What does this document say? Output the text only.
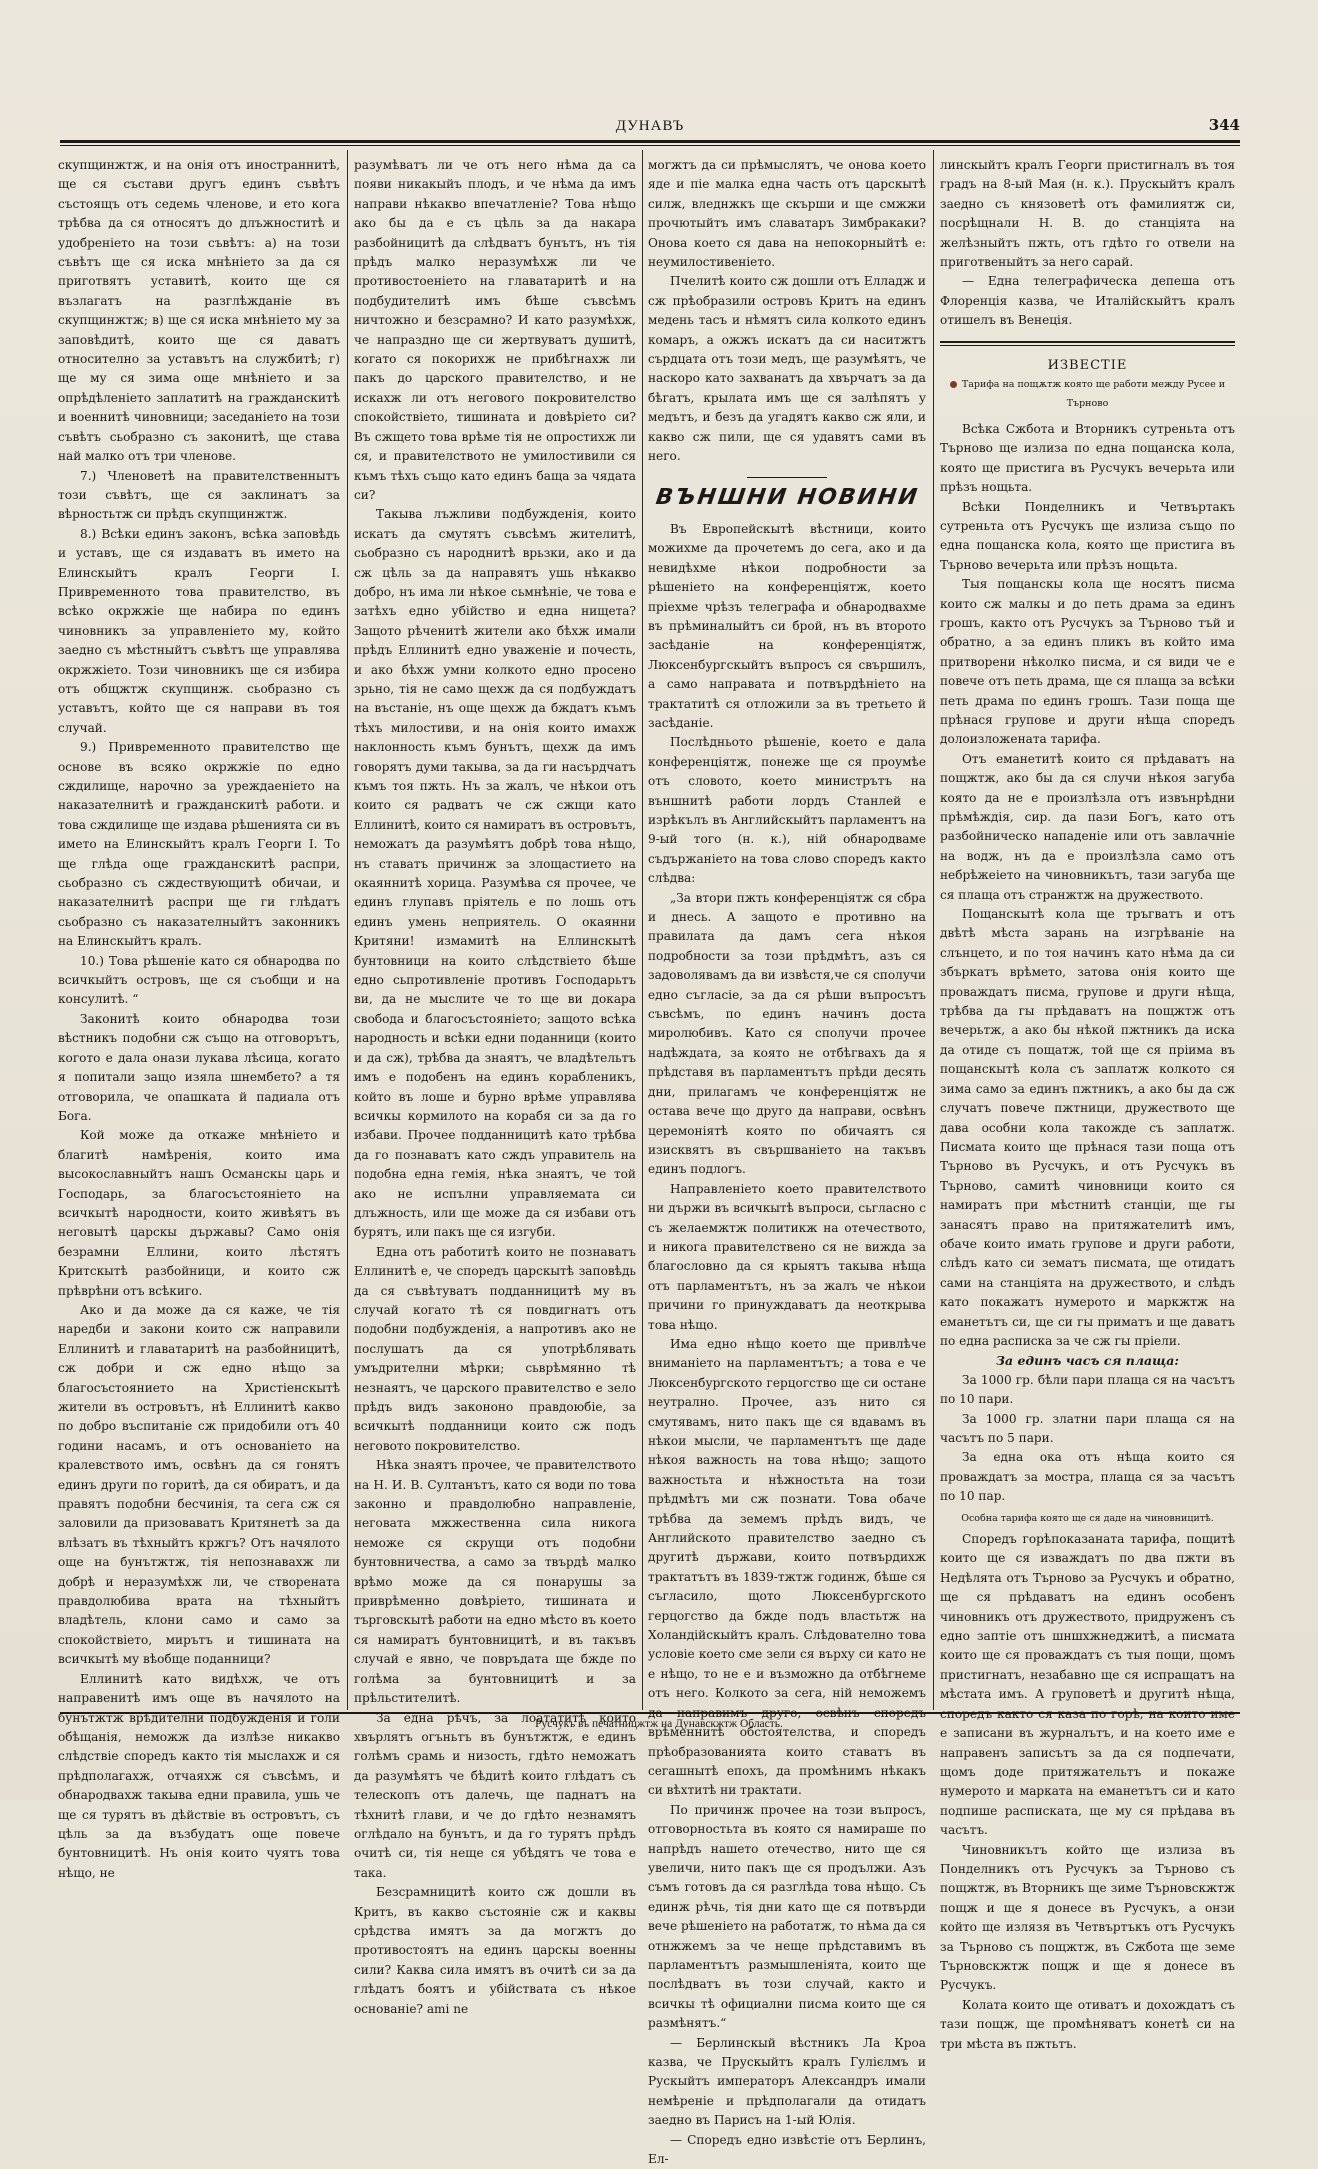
ДУНАВЪ	344

скупщинжтж, и на онія отъ иностраннитѣ, ще ся състави другъ единъ съвѣтъ състоящъ отъ седемь членове, и ето кога трѣбва да ся относятъ до длъжноститѣ и удобреніето на този съвѣтъ: а) на този съвѣтъ ще ся иска мнѣніето за да ся приготвятъ уставитѣ, които ще ся възлагатъ на разглѣжданіе въ скупщинжтж; в) ще ся иска мнѣніето му за заповѣдитѣ, които ще ся даватъ относително за уставътъ на службитѣ; г) ще му ся зима още мнѣніето и за опрѣдѣленіето заплатитѣ на гражданскитѣ и военнитѣ чиновници; заседаніето на този съвѣтъ сьобразно съ законитѣ, ще става най малко отъ три членове.

7.) Членоветѣ на правителственнытъ този съвѣтъ, ще ся заклинатъ за вѣрностьтж си прѣдъ скупщинжтж.

8.) Всѣки единъ законъ, всѣка заповѣдь и уставъ, ще ся издаватъ въ името на Елинскыйтъ кралъ Георги I. Привременното това правителство, въ всѣко окржжіе ще набира по единъ чиновникъ за управленіето му, който заедно съ мѣстныйтъ съвѣтъ ще управлява окржжіето. Този чиновникъ ще ся избира отъ общжтж скупщинж. сьобразно съ уставътъ, който ще ся направи въ тоя случай.

9.) Привременното правителство ще основе въ всяко окржжіе по едно сждилище, нарочно за уреждаеніето на наказателнитѣ и гражданскитѣ работи. и това сждилище ще издава рѣшенията си въ името на Елинскыйтъ кралъ Георги I. То ще глѣда още гражданскитѣ распри, сьобразно съ сждествующитѣ обичаи, и наказателнитѣ распри ще ги глѣдатъ сьобразно съ наказателныйтъ законникъ на Елинскыйтъ кралъ.

10.) Това рѣшеніе като ся обнародва по всичкыйтъ островъ, ще ся съобщи и на консулитѣ. “

Законитѣ които обнародва този вѣстникъ подобни сж също на отговорътъ, когото е дала онази лукава лѣсица, когато я попитали защо изяла шнембето? а тя отговорила, че опашката й падиала отъ Бога.

Кой може да откаже мнѣніето и благитѣ намѣренія, които има высокославныйтъ нашъ Османскы царь и Господарь, за благосъстояніето на всичкытѣ народности, които живѣятъ въ неговытѣ царскы държавы? Само онія безрамни Еллини, които лѣстятъ Критскытѣ разбойници, и които сж прѣврѣни отъ всѣкиго.

Ако и да може да ся каже, че тія наредби и закони които сж направили Еллинитѣ и главатаритѣ на разбойницитѣ, сж добри и сж едно нѣщо за благосъстоянието на Христіенскытѣ жители въ островътъ, нѣ Еллинитѣ какво по добро въспитаніе сж придобили отъ 40 години насамъ, и отъ основаніето на кралевството имъ, освѣнъ да ся гонятъ единъ други по горитѣ, да ся обиратъ, и да правятъ подобни бесчинія, та сега сж ся заловили да призоваватъ Критянетѣ за да влѣзатъ въ тѣхныйтъ кржгъ? Отъ начялото още на бунътжтж, тія непознавахж ли добрѣ и неразумѣхж ли, че створената правдолюбива врата на тѣхныйтъ владѣтель, клони само и само за спокойствіето, мирътъ и тишината на всичкытѣ му вѣобще поданници?

Еллинитѣ като видѣхж, че отъ направенитѣ имъ още въ начялото на бунътжтж врѣдителни подбужденія и голи обѣщанія, неможж да излѣзе никакво слѣдствіе споредъ както тія мыслахж и ся прѣдполагахж, отчаяхж ся съвсѣмъ, и обнародвахж такыва едни правила, ушь че ще ся турятъ въ дѣйствіе въ островътъ, съ цѣль за да възбудатъ още повече бунтовницитѣ. Нъ онія които чуятъ това нѣщо, не

разумѣватъ ли че отъ него нѣма да са появи никакыйъ плодъ, и че нѣма да имъ направи нѣкакво впечатленіе? Това нѣщо ако бы да е съ цѣль за да накара разбойницитѣ да слѣдватъ бунътъ, нъ тія прѣдъ малко неразумѣхж ли че противостоеніето на главатаритѣ и на подбудителитѣ имъ бѣше съвсѣмъ ничтожно и безсрамно? И като разумѣхж, че напраздно ще си жертвуватъ душитѣ, когато ся покорихж не прибѣгнахж ли пакъ до царского правителство, и не искахж ли отъ негового покровителство спокойствіето, тишината и довѣріето си? Въ сжщето това врѣме тія не опростихж ли ся, и правителството не умилостивили ся къмъ тѣхъ също като единъ баща за чядата си?

Такыва лъжливи подбужденія, които искатъ да смутятъ съвсѣмъ жителитѣ, сьобразно съ народнитѣ врьзки, ако и да сж цѣль за да направятъ ушь нѣкакво добро, нъ има ли нѣкое сьмнѣніе, че това е затѣхъ едно убійство и една нищета? Защото рѣченитѣ жители ако бѣхж имали прѣдъ Еллинитѣ едно уваженіе и почесть, и ако бѣхж умни колкото едно просено зрьно, тія не само щехж да ся подбуждатъ на въстаніе, нъ още щехж да бждатъ къмъ тѣхъ милостиви, и на онія които имахж наклонность къмъ бунътъ, щехж да имъ говорятъ думи такыва, за да ги насърдчатъ къмъ тоя пжть. Нъ за жалъ, че нѣкои отъ които ся радватъ че сж сжщи като Еллинитѣ, които ся намиратъ въ островътъ, неможатъ да разумѣятъ добрѣ това нѣщо, нъ ставатъ причинж за злощастието на окаяннитѣ хорица. Разумѣва ся прочее, че единъ глупавъ пріятель е по лошь отъ единъ умень неприятель. О окаянни Критяни! измамитѣ на Еллинскытѣ бунтовници на които слѣдствіето бѣше едно сьпротивленіе противъ Господарьтъ ви, да не мыслите че то ще ви докара свобода и благосъстояніето; защото всѣка народность и всѣки едни поданници (които и да сж), трѣбва да знаятъ, че владѣтельтъ имъ е подобенъ на единъ корабленикъ, който въ лоше и бурно врѣме управлява всичкы кормилото на корабя си за да го избави. Прочее подданницитѣ като трѣбва да го познаватъ като сждъ управитель на подобна една гемія, нѣка знаятъ, че той ако не испълни управляемата си длъжность, или ще може да ся избави отъ бурятъ, или пакъ ще ся изгуби.

Една отъ работитѣ които не познаватъ Еллинитѣ е, че споредъ царскытѣ заповѣдь да ся съвѣтуватъ подданницитѣ му въ случай когато тѣ ся повдигнатъ отъ подобни подбужденія, а напротивъ ако не послушатъ да ся употрѣблявать умъдрителни мѣрки; сьврѣмянно тѣ незнаятъ, че царского правителство е зело прѣдъ видъ закононо правдоюбіе, за всичкытѣ подданници които сж подъ неговото покровителство.

Нѣка знаятъ прочее, че правителството на Н. И. В. Султанътъ, като ся води по това законно и правдолюбно направленіе, неговата мжжественна сила никога неможе ся скрущи отъ подобни бунтовничества, а само за твърдѣ малко врѣмо може да ся понарушы за приврѣменно довѣріето, тишината и търговскытѣ работи на едно мѣсто въ което ся намиратъ бунтовницитѣ, и въ такъвъ случай е явно, че повръдата ще бжде по голѣма за бунтовницитѣ и за прѣльстителитѣ.

За една рѣчъ, за лоататитѣ които хвърлятъ огъньтъ въ бунътжтж, е единъ голѣмъ срамь и низость, гдѣто неможатъ да разумѣятъ че бѣдитѣ които глѣдатъ съ телескопъ отъ далечь, ще паднатъ на тѣхнитѣ глави, и че до гдѣто незнамятъ оглѣдало на бунътъ, и да го турятъ прѣдъ очитѣ си, тія неще ся убѣдятъ че това е така.

Безсрамницитѣ които сж дошли въ Критъ, въ какво състояніе сж и каквы срѣдства имятъ за да могжтъ до противостоятъ на единъ царскы военны сили? Каква сила имятъ въ очитѣ си за да глѣдатъ боятъ и убійствата съ нѣкое основаніе? ami ne

могжтъ да си прѣмыслятъ, че онова което яде и піе малка една часть отъ царскытѣ силж, вледнжкъ ще скърши и ще смжжи прочютыйтъ имъ славатаръ Зимбракаки? Онова което ся дава на непокорныйтѣ е: неумилостивеніето.

Пчелитѣ които сж дошли отъ Елладж и сж прѣобразили островъ Критъ на единъ медень тасъ и нѣмятъ сила колкото единъ комаръ, а ожжъ искатъ да си наситжтъ сърдцата отъ този медъ, ще разумѣятъ, че наскоро като захванатъ да хвърчатъ за да бѣгатъ, крылата имъ ще ся залѣпятъ у медътъ, и безъ да угадятъ какво сж яли, и какво сж пили, ще ся удавятъ сами въ него.

ВЪНШНИ НОВИНИ

Въ Европейскытѣ вѣстници, които можихме да прочетемъ до сега, ако и да невидѣхме нѣкои подробности за рѣшеніето на конференціятж, което пріехме чрѣзъ телеграфа и обнародвахме въ прѣминалыйтъ си брой, нъ въ второто засѣданіе на конференціятж, Люксенбургскыйтъ въпросъ ся свършилъ, а само направата и потвърдѣніето на трактатитѣ ся отложили за въ третьето й засѣданіе.

Послѣдньото рѣшеніе, което е дала конференціятж, понеже ще ся проумѣе отъ словото, което министрътъ на външнитѣ работи лордъ Станлей е изрѣкълъ въ Английскыйтъ парламентъ на 9-ый того (н. к.), ній обнародваме съдържаніето на това слово споредъ както слѣдва:

„За втори пжть конференціятж ся сбра и днесь. А защото е противно на правилата да дамъ сега нѣкоя подробности за този прѣдмѣтъ, азъ ся задоволявамъ да ви извѣстя,че ся сполучи едно съгласіе, за да ся рѣши въпросътъ съвсѣмъ, по единъ начинъ доста миролюбивъ. Като ся сполучи прочее надѣждата, за която не отбѣгвахъ да я прѣдставя въ парламентътъ прѣди десять дни, прилагамъ че конференціятж не остава вече що друго да направи, освѣнъ церемоніятѣ която по обичаятъ ся изисквятъ въ свършваніето на такъвъ единъ подлогъ.

Направленіето което правителството ни държи въ всичкытѣ въпроси, сьгласно с съ желаемжтж политикж на отечеството, и никога правителствено ся не вижда за благословно да ся крыятъ такыва нѣща отъ парламентътъ, нъ за жалъ че нѣкои причини го принуждаватъ да неоткрыва това нѣщо.

Има едно нѣщо което ще привлѣче вниманіето на парламентътъ; а това е че Люксенбургското герцогство ще си остане неутрално. Прочее, азъ нито ся смутявамъ, нито пакъ ще ся вдавамъ въ нѣкои мысли, че парламентътъ ще даде нѣкоя важность на това нѣщо; защото важностьта и нѣжностьта на този прѣдмѣтъ ми сж познати. Това обаче трѣбва да земемъ прѣдъ видъ, че Английското правителство заедно съ другитѣ държави, които потвърдихж трактатътъ въ 1839-тжтж годинж, бѣше ся съгласило, щото Люксенбургското герцогство да бжде подъ властьтж на Холандійскыйтъ кралъ. Слѣдователно това условіе което сме зели ся върху си като не е нѣщо, то не е и възможно да отбѣгнеме отъ него. Колкото за сега, ній неможемъ да направимъ друго, освѣнъ споредъ врѣменнитѣ обстоятелства, и споредъ прѣобразованията които ставатъ въ сегашнытѣ епохъ, да промѣнимъ нѣкакъ си вѣхтитѣ ни трактати.

По причинж прочее на този въпросъ, отговорностьта въ която ся намираше по напрѣдъ нашето отечество, нито ще ся увеличи, нито пакъ ще ся продължи. Азъ съмъ готовъ да ся разглѣда това нѣщо. Съ единж рѣчь, тія дни като ще ся потвърди вече рѣшеніето на работатж, то нѣма да ся отнжжемъ за че неще прѣдставимъ въ парламентътъ размышленіята, които ще послѣдватъ въ този случай, както и всичкы тѣ официални писма които ще ся размѣнятъ.“

— Берлинскый вѣстникъ Ла Кроа казва, че Прускыйтъ кралъ Гулієлмъ и Рускыйтъ императоръ Александръ имали немѣреніе и прѣдполагали да отидатъ заедно въ Парисъ на 1-ый Юлія.

— Споредъ едно извѣстіе отъ Берлинъ, Ел-

линскыйтъ кралъ Георги пристигналъ въ тоя градъ на 8-ый Мая (н. к.). Прускыйтъ кралъ заедно съ князоветѣ отъ фамилиятж си, посрѣщнали Н. В. до станціята на желѣзныйтъ пжть, отъ гдѣто го отвели на приготвеныйтъ за него сарай.

— Една телеграфическа депеша отъ Флоренція казва, че Италійскыйтъ кралъ отишелъ въ Венеція.

ИЗВЕСТІЕ
Тарифа на пощѫтж която ще работи между Русее и Търново

Всѣка Сжбота и Вторникъ сутреньта отъ Търново ще излиза по една пощанска кола, която ще пристига въ Русчукъ вечерьта или прѣзъ нощьта.

Всѣки Понделникъ и Четвъртакъ сутреньта отъ Русчукъ ще излиза също по една пощанска кола, която ще пристига въ Търново вечерьта или прѣзъ нощьта.

Тыя пощанскы кола ще носятъ писма които сж малкы и до петь драма за единъ грошъ, както отъ Русчукъ за Търново тъй и обратно, а за единъ пликъ въ който има притворени нѣколко писма, и ся види че е повече отъ петь драма, ще ся плаща за всѣки петь драма по единъ грошъ. Тази поща ще прѣнася групове и други нѣща споредъ долоизложената тарифа.

Отъ еманетитѣ които ся прѣдаватъ на пощжтж, ако бы да ся случи нѣкоя загуба която да не е произлѣзла отъ извънрѣдни прѣмѣждія, сир. да пази Богъ, като отъ разбойническо нападеніе или отъ завлачніе на водж, нъ да е произлѣзла само отъ небрѣжеіето на чиновникътъ, тази загуба ще ся плаща отъ странжтж на дружеството.

Пощанскытѣ кола ще тръгватъ и отъ двѣтѣ мѣста зарань на изгрѣваніе на слънцето, и по тоя начинъ като нѣма да си збъркатъ врѣмето, затова онія които ще проваждатъ писма, групове и други нѣща, трѣбва да гы прѣдаватъ на пощжтж отъ вечерьтж, а ако бы нѣкой пжтникъ да иска да отиде съ пощатж, той ще ся пріима въ пощанскытѣ кола съ заплатж колкото ся зима само за единъ пжтникъ, а ако бы да сж случатъ повече пжтници, дружеството ще дава особни кола такожде съ заплатж. Писмата които ще прѣнася тази поща отъ Търново въ Русчукъ, и отъ Русчукъ въ Търново, самитѣ чиновници които ся намиратъ при мѣстнитѣ станціи, ще гы занасятъ право на притяжателитѣ имъ, обаче които имать групове и други работи, слѣдъ като си зематъ писмата, ще отидатъ сами на станціята на дружеството, и слѣдъ като покажатъ нумерото и маркжтж на еманетътъ си, ще си гы приматъ и ще даватъ по една расписка за че сж гы пріели.

За единъ часъ ся плаща:

За 1000 гр. бѣли пари плаща ся на часътъ по 10 пари.

За 1000 гр. златни пари плаща ся на часътъ по 5 пари.

За една ока отъ нѣща които ся проваждатъ за мостра, плаща ся за часътъ по 10 пар.

Особна тарифа която ще ся даде на чиновницитѣ.

Споредъ горѣпоказаната тарифа, пощитѣ които ще ся изваждатъ по два пжти въ Недѣлята отъ Търново за Русчукъ и обратно, ще ся прѣдаватъ на единъ особенъ чиновникъ отъ дружеството, придруженъ съ едно заптіе отъ шншхжнеджитѣ, а писмата които ще ся проваждатъ съ тыя пощи, щомъ пристигнатъ, незабавно ще ся испращатъ на мѣстата имъ. А груповетѣ и другитѣ нѣща, споредъ както ся каза по горѣ, на които име е записани въ журналътъ, и на което име е направенъ записътъ за да ся подпечати, щомъ доде притяжательтъ и покаже нумерото и марката на еманетътъ си и като подпише расписката, ще му ся прѣдава въ часътъ.

Чиновникътъ който ще излиза въ Понделникъ отъ Русчукъ за Търново съ пощжтж, въ Вторникъ ще зиме Търновскжтж пощж и ще я донесе въ Русчукъ, а онзи който ще излязя въ Четвъртъкъ отъ Русчукъ за Търново съ пощжтж, въ Сжбота ще земе Търновскжтж пощж и ще я донесе въ Русчукъ.

Колата които ще отиватъ и дохождатъ съ тази пощж, ще промѣняватъ конетѣ си на три мѣста въ пжтьтъ.

Русчукъ въ печатницжтж на Дунавскжтж Область.
